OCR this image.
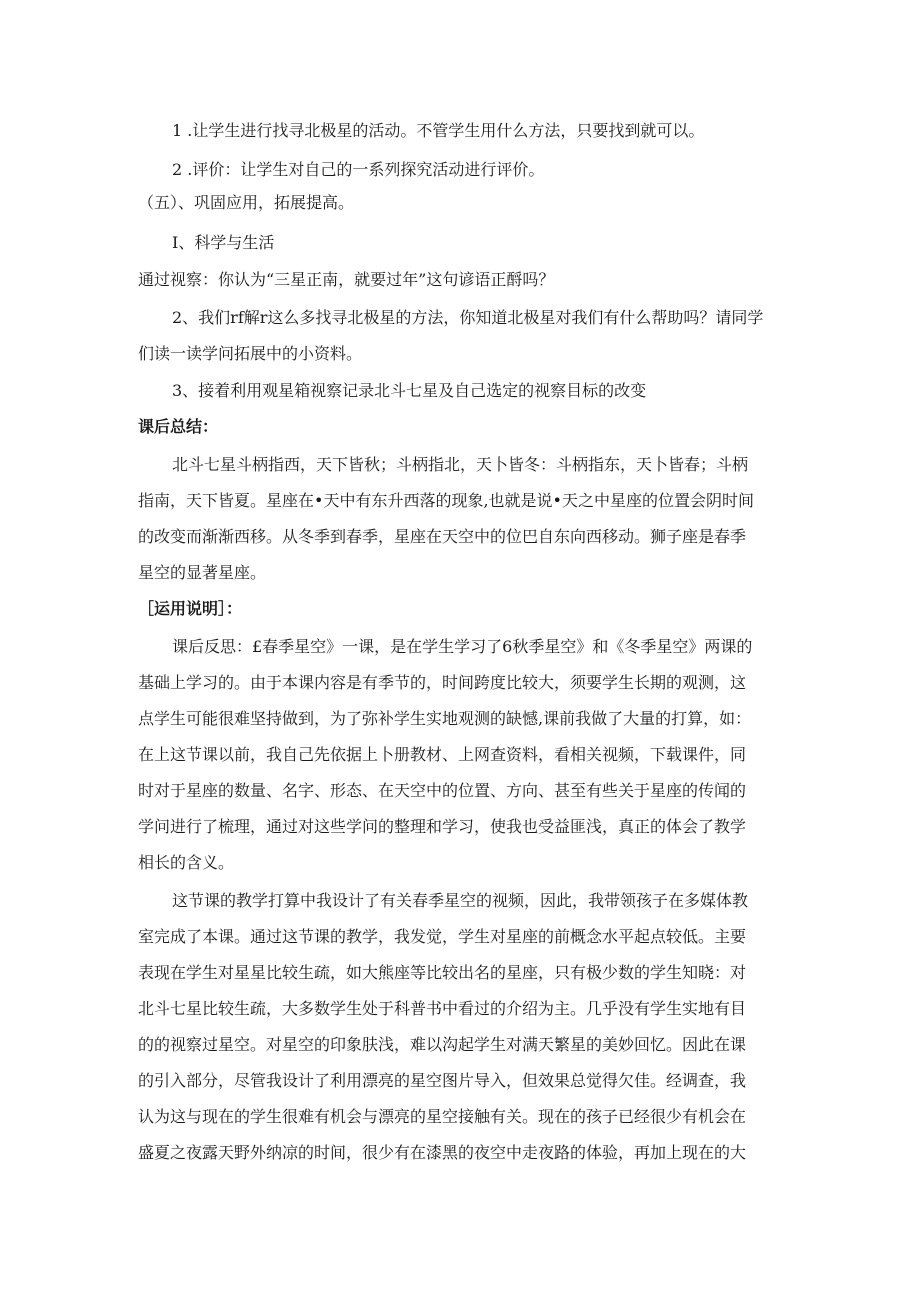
1 .让学生进行找寻北极星的活动。不管学生用什么方法，只要找到就可以。
2 .评价：让学生对自己的一系列探究活动进行评价。
（五）、巩固应用，拓展提高。
I、科学与生活
通过视察：你认为“三星正南，就要过年”这句谚语正酹吗？
2、我们rf解r这么多找寻北极星的方法，你知道北极星对我们有什么帮助吗？请同学
们读一读学问拓展中的小资料。
3、接着利用观星箱视察记录北斗七星及自己选定的视察目标的改变
课后总结：
北斗七星斗柄指西，天下皆秋；斗柄指北，天卜皆冬：斗柄指东，天卜皆春；斗柄
指南，天下皆夏。星座在•天中有东升西落的现象,也就是说•天之中星座的位置会阴时间
的改变而渐渐西移。从冬季到春季，星座在天空中的位巴自东向西移动。狮子座是春季
星空的显著星座。
［运用说明］：
课后反思：£春季星空》一课，是在学生学习了6秋季星空》和《冬季星空》两课的
基础上学习的。由于本课内容是有季节的，时间跨度比较大，须要学生长期的观测，这
点学生可能很难坚持做到，为了弥补学生实地观测的缺憾,课前我做了大量的打算，如：
在上这节课以前，我自己先依据上卜册教材、上网查资料，看相关视频，下载课件，同
时对于星座的数量、名字、形态、在天空中的位置、方向、甚至有些关于星座的传闻的
学问进行了梳理，通过对这些学问的整理和学习，使我也受益匪浅，真正的体会了教学
相长的含义。
这节课的教学打算中我设计了有关春季星空的视频，因此，我带领孩子在多媒体教
室完成了本课。通过这节课的教学，我发觉，学生对星座的前概念水平起点较低。主要
表现在学生对星星比较生疏，如大熊座等比较出名的星座，只有极少数的学生知晓：对
北斗七星比较生疏，大多数学生处于科普书中看过的介绍为主。几乎没有学生实地有目
的的视察过星空。对星空的印象肤浅，难以沟起学生对满天繁星的美妙回忆。因此在课
的引入部分，尽管我设计了利用漂亮的星空图片导入，但效果总觉得欠佳。经调查，我
认为这与现在的学生很难有机会与漂亮的星空接触有关。现在的孩子已经很少有机会在
盛夏之夜露天野外纳凉的时间，很少有在漆黑的夜空中走夜路的体验，再加上现在的大
